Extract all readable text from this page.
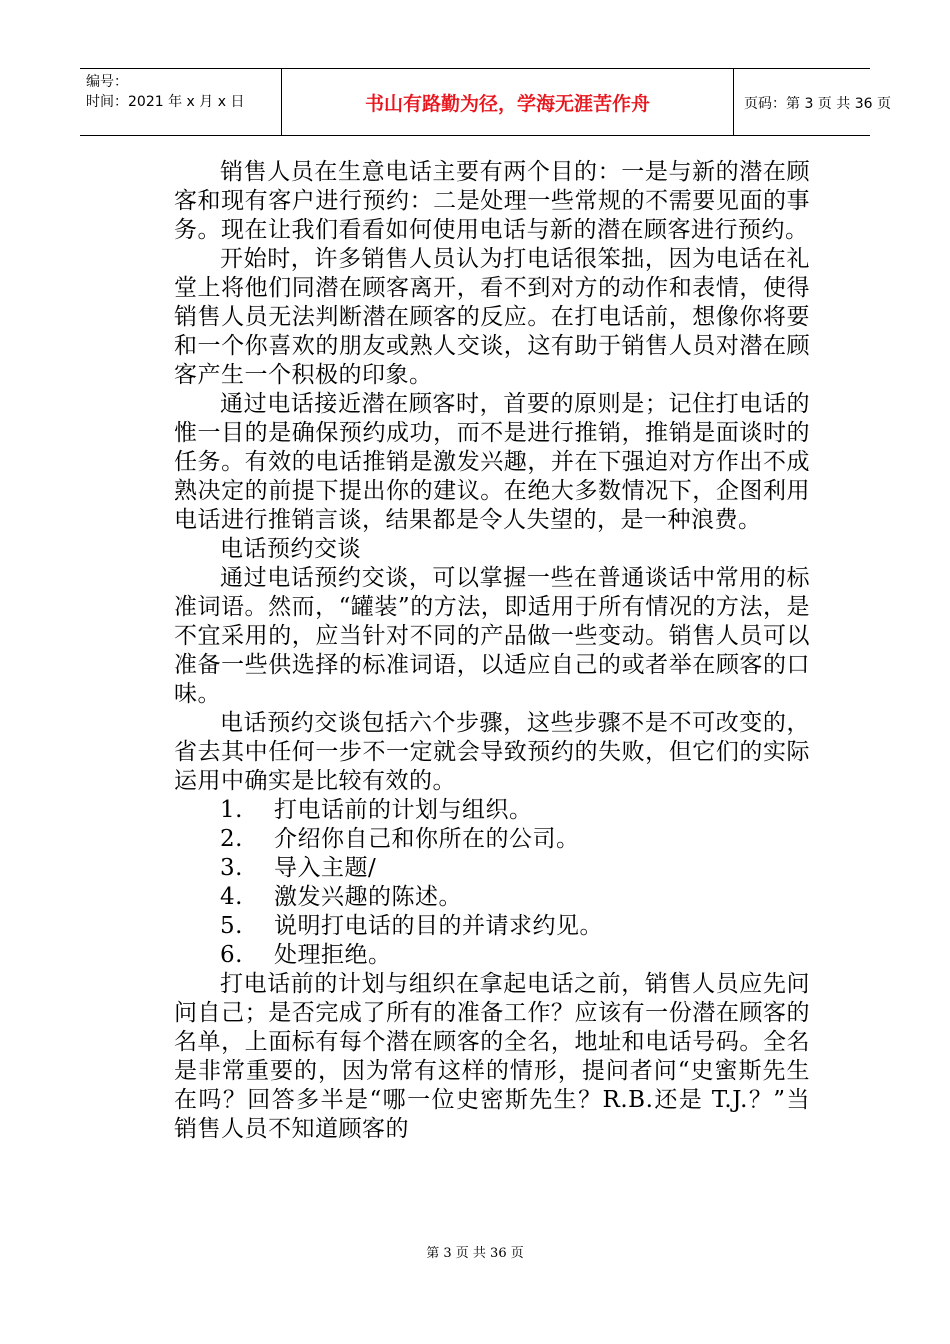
编号：
时间：2021 年 x 月 x 日	书山有路勤为径，学海无涯苦作舟	页码：第 3 页 共 36 页

销售人员在生意电话主要有两个目的：一是与新的潜在顾客和现有客户进行预约：二是处理一些常规的不需要见面的事务。现在让我们看看如何使用电话与新的潜在顾客进行预约。

开始时，许多销售人员认为打电话很笨拙，因为电话在礼堂上将他们同潜在顾客离开，看不到对方的动作和表情，使得销售人员无法判断潜在顾客的反应。在打电话前，想像你将要和一个你喜欢的朋友或熟人交谈，这有助于销售人员对潜在顾客产生一个积极的印象。

通过电话接近潜在顾客时，首要的原则是；记住打电话的惟一目的是确保预约成功，而不是进行推销，推销是面谈时的任务。有效的电话推销是激发兴趣，并在下强迫对方作出不成熟决定的前提下提出你的建议。在绝大多数情况下，企图利用电话进行推销言谈，结果都是令人失望的，是一种浪费。

电话预约交谈

通过电话预约交谈，可以掌握一些在普通谈话中常用的标准词语。然而，“罐装”的方法，即适用于所有情况的方法，是不宜采用的，应当针对不同的产品做一些变动。销售人员可以准备一些供选择的标准词语，以适应自己的或者举在顾客的口味。

电话预约交谈包括六个步骤，这些步骤不是不可改变的，省去其中任何一步不一定就会导致预约的失败，但它们的实际运用中确实是比较有效的。

1. 打电话前的计划与组织。

2. 介绍你自己和你所在的公司。

3. 导入主题/

4. 激发兴趣的陈述。

5. 说明打电话的目的并请求约见。

6. 处理拒绝。

打电话前的计划与组织在拿起电话之前，销售人员应先问问自己；是否完成了所有的准备工作？应该有一份潜在顾客的名单，上面标有每个潜在顾客的全名，地址和电话号码。全名是非常重要的，因为常有这样的情形，提问者问“史蜜斯先生在吗？回答多半是“哪一位史密斯先生？R.B.还是 T.J.？”当销售人员不知道顾客的

第 3 页 共 36 页
